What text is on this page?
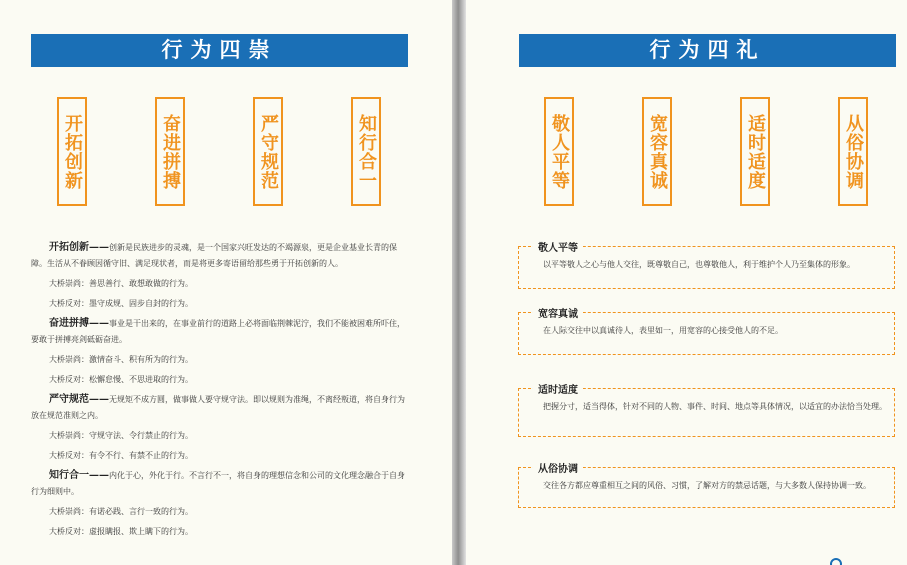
行为四崇
开拓创新	奋进拼搏	严守规范	知行合一

开拓创新——创新是民族进步的灵魂，是一个国家兴旺发达的不竭源泉，更是企业基业长青的保障。生活从不眷顾因循守旧、满足现状者，而是将更多寄语留给那些勇于开拓创新的人。

大桥崇尚：善思善行、敢想敢做的行为。

大桥反对：墨守成规、固步自封的行为。

奋进拼搏——事业是干出来的，在事业前行的道路上必将面临荆棘泥泞，我们不能被困难所吓住，要敢于拼搏亮剑砥砺奋进。

大桥崇尚：激情奋斗、积有所为的行为。

大桥反对：松懈怠慢、不思进取的行为。

严守规范——无规矩不成方圆，做事做人要守规守法。即以规则为准绳，不离经叛道，将自身行为放在规范准则之内。

大桥崇尚：守规守法、令行禁止的行为。

大桥反对：有令不行、有禁不止的行为。

知行合一——内化于心，外化于行。不言行不一，将自身的理想信念和公司的文化理念融合于自身行为细则中。

大桥崇尚：有诺必践、言行一致的行为。

大桥反对：虚报瞒报、欺上瞒下的行为。

行为四礼
敬人平等	宽容真诚	适时适度	从俗协调
敬人平等
以平等敬人之心与他人交往，既尊敬自己，也尊敬他人，利于维护个人乃至集体的形象。
宽容真诚
在人际交往中以真诚待人，表里如一，用宽容的心接受他人的不足。
适时适度
把握分寸，适当得体，针对不同的人物、事件、时间、地点等具体情况，以适宜的办法恰当处理。
从俗协调
交往各方都应尊重相互之间的风俗、习惯，了解对方的禁忌话题，与大多数人保持协调一致。
